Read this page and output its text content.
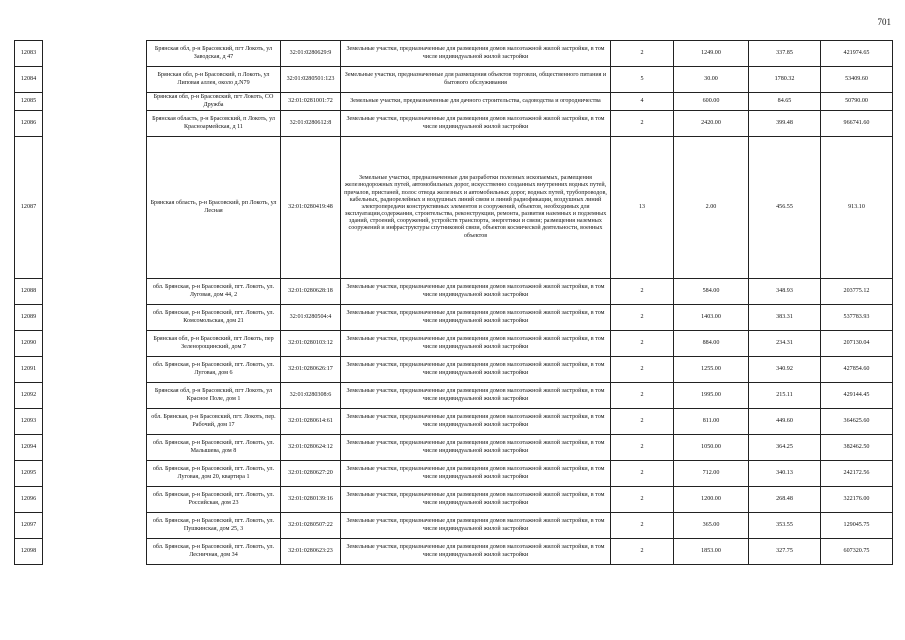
701
12083		Брянская обл, р-н Брасовский, пгт Локоть, ул Заводская, д 47	32:01:0280629:9	Земельные участки, предназначенные для размещения домов малоэтажной жилой застройки, в том числе индивидуальной жилой застройки	2	1249.00	337.85	421974.65
12084		Брянская обл, р-н Брасовский, п Локоть, ул Липовая аллея, около д.N79	32:01:0280501:123	Земельные участки, предназначенные для размещения объектов торговли, общественного питания и бытового обслуживания	5	30.00	1780.32	53409.60
12085		Брянская обл, р-н Брасовский, пгт Локоть, СО Дружба	32:01:0281001:72	Земельные участки, предназначенные для дачного строительства, садоводства и огородничества	4	600.00	84.65	50790.00
12086		Брянская область, р-н Брасовский, п Локоть, ул Красноармейская, д 11	32:01:0280612:8	Земельные участки, предназначенные для размещения домов малоэтажной жилой застройки, в том числе индивидуальной жилой застройки	2	2420.00	399.48	966741.60
12087		Брянская область, р-н Брасовский, рп Локоть, ул Лесная	32:01:0280419:48	Земельные участки, предназначенные для разработки полезных ископаемых, размещения железнодорожных путей, автомобильных дорог, искусственно созданных внутренних водных путей, причалов, пристаней, полос отвода железных и автомобильных дорог, водных путей, трубопроводов, кабельных, радиорелейных и воздушных линий связи и линий радиофикации, воздушных линий электропередачи конструктивных элементов и сооружений, объектов, необходимых для эксплуатации,содержания, строительства, реконструкции, ремонта, развития наземных и подземных зданий, строений, сооружений, устройств транспорта, энергетики и связи; размещения наземных сооружений и инфраструктуры спутниковой связи, объектов космической деятельности, военных объектов	13	2.00	456.55	913.10
12088		обл. Брянская, р-н Брасовский, пгт. Локоть, ул. Луговая, дом 44, 2	32:01:0280628:18	Земельные участки, предназначенные для размещения домов малоэтажной жилой застройки, в том числе индивидуальной жилой застройки	2	584.00	348.93	203775.12
12089		обл. Брянская, р-н Брасовский, пгт. Локоть, ул. Комсомольская, дом 21	32:01:0280504:4	Земельные участки, предназначенные для размещения домов малоэтажной жилой застройки, в том числе индивидуальной жилой застройки	2	1403.00	383.31	537783.93
12090		Брянская обл, р-н Брасовский, пгт Локоть, пер Зеленорощинский, дом 7	32:01:0280103:12	Земельные участки, предназначенные для размещения домов малоэтажной жилой застройки, в том числе индивидуальной жилой застройки	2	884.00	234.31	207130.04
12091		обл. Брянская, р-н Брасовский, пгт. Локоть, ул. Луговая, дом 6	32:01:0280626:17	Земельные участки, предназначенные для размещения домов малоэтажной жилой застройки, в том числе индивидуальной жилой застройки	2	1255.00	340.92	427854.60
12092		Брянская обл, р-н Брасовский, пгт Локоть, ул Красное Поле, дом 1	32:01:0280308:6	Земельные участки, предназначенные для размещения домов малоэтажной жилой застройки, в том числе индивидуальной жилой застройки	2	1995.00	215.11	429144.45
12093		обл. Брянская, р-н Брасовский, пгт. Локоть, пер. Рабочий, дом 17	32:01:0280614:61	Земельные участки, предназначенные для размещения домов малоэтажной жилой застройки, в том числе индивидуальной жилой застройки	2	811.00	449.60	364625.60
12094		обл. Брянская, р-н Брасовский, пгт. Локоть, ул. Малышева, дом 8	32:01:0280624:12	Земельные участки, предназначенные для размещения домов малоэтажной жилой застройки, в том числе индивидуальной жилой застройки	2	1050.00	364.25	382462.50
12095		обл. Брянская, р-н Брасовский, пгт. Локоть, ул. Луговая, дом 20, квартира 1	32:01:0280627:20	Земельные участки, предназначенные для размещения домов малоэтажной жилой застройки, в том числе индивидуальной жилой застройки	2	712.00	340.13	242172.56
12096		обл. Брянская, р-н Брасовский, пгт. Локоть, ул. Российская, дом 23	32:01:0280139:16	Земельные участки, предназначенные для размещения домов малоэтажной жилой застройки, в том числе индивидуальной жилой застройки	2	1200.00	268.48	322176.00
12097		обл. Брянская, р-н Брасовский, пгт. Локоть, ул. Пушкинская, дом 25, 3	32:01:0280507:22	Земельные участки, предназначенные для размещения домов малоэтажной жилой застройки, в том числе индивидуальной жилой застройки	2	365.00	353.55	129045.75
12098		обл. Брянская, р-н Брасовский, пгт. Локоть, ул. Лесничная, дом 34	32:01:0280623:23	Земельные участки, предназначенные для размещения домов малоэтажной жилой застройки, в том числе индивидуальной жилой застройки	2	1853.00	327.75	607320.75
